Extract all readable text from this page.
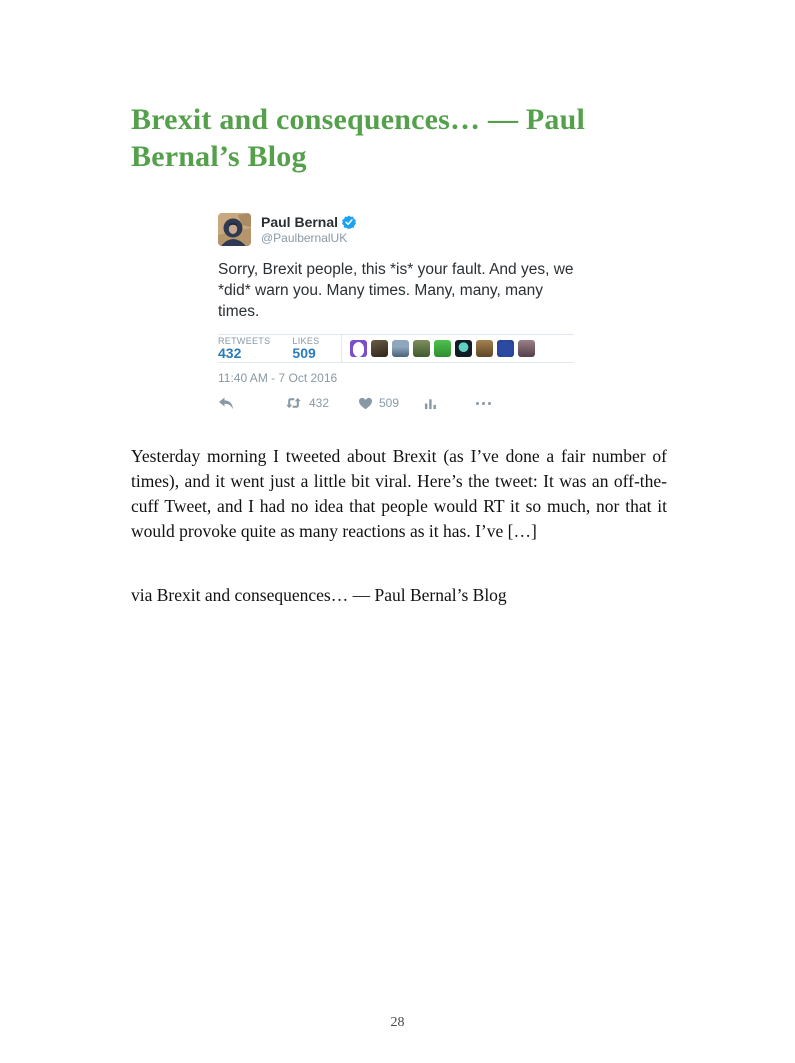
Brexit and consequences… — Paul Bernal’s Blog
Paul Bernal
@PaulbernalUK

Sorry, Brexit people, this *is* your fault. And yes, we *did* warn you. Many times. Many, many, many times.

RETWEETS
432
LIKES
509
11:40 AM - 7 Oct 2016
432	509

Yesterday morning I tweeted about Brexit (as I’ve done a fair number of times), and it went just a little bit viral. Here’s the tweet: It was an off-the-cuff Tweet, and I had no idea that people would RT it so much, nor that it would provoke quite as many reactions as it has. I’ve […]

via Brexit and consequences… — Paul Bernal’s Blog

28
